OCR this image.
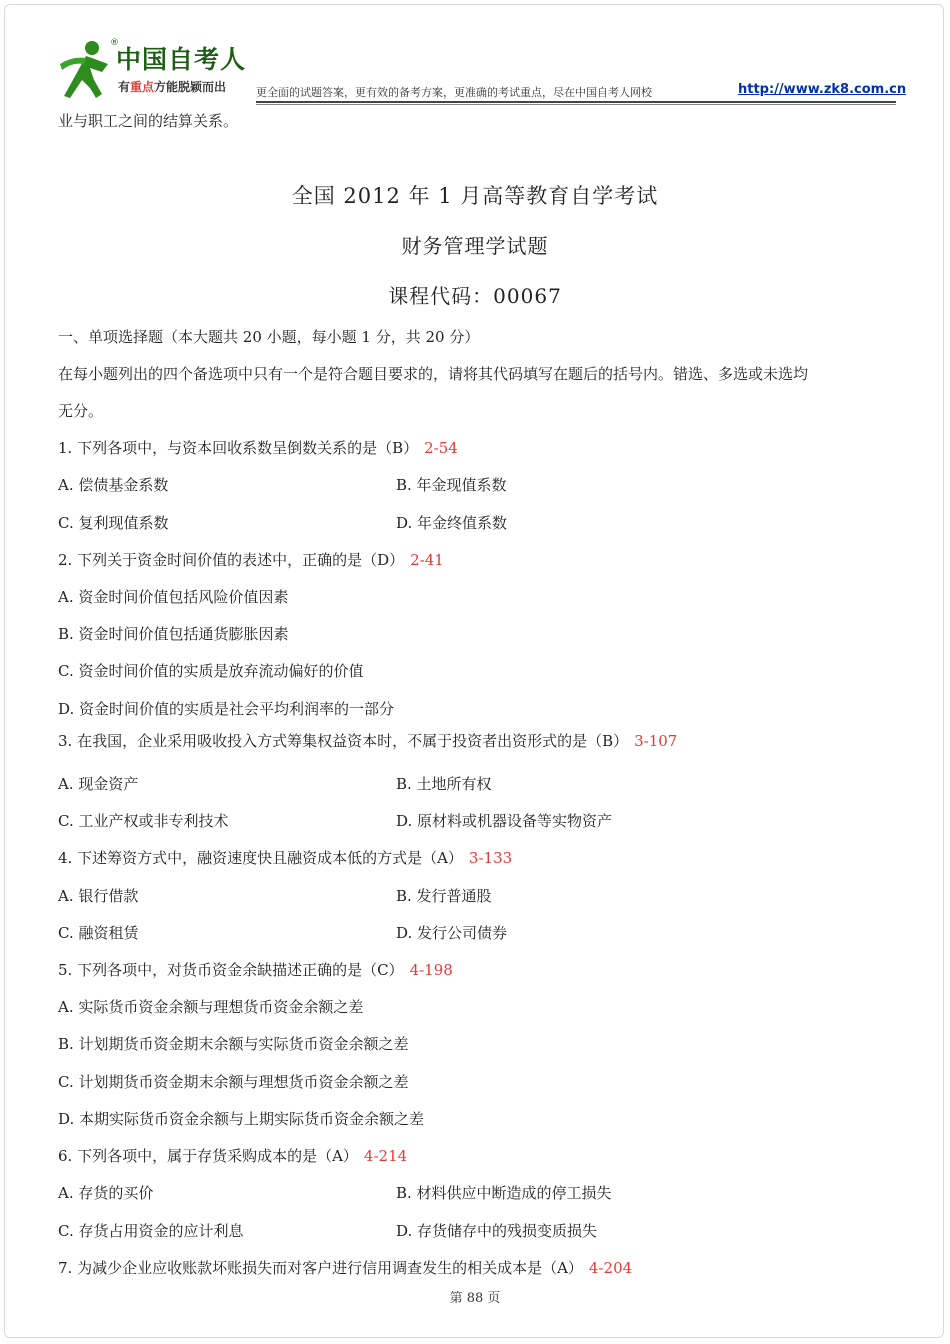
®
中国自考人
有重点方能脱颖而出	更全面的试题答案，更有效的备考方案，更准确的考试重点，尽在中国自考人网校	http://www.zk8.com.cn
业与职工之间的结算关系。
全国 2012 年 1 月高等教育自学考试
财务管理学试题
课程代码：00067
一、单项选择题（本大题共 20 小题，每小题 1 分，共 20 分）
在每小题列出的四个备选项中只有一个是符合题目要求的，请将其代码填写在题后的括号内。错选、多选或未选均
无分。
1. 下列各项中，与资本回收系数呈倒数关系的是（B） 2-54
A. 偿债基金系数	B. 年金现值系数
C. 复利现值系数	D. 年金终值系数
2. 下列关于资金时间价值的表述中，正确的是（D） 2-41
A. 资金时间价值包括风险价值因素
B. 资金时间价值包括通货膨胀因素
C. 资金时间价值的实质是放弃流动偏好的价值
D. 资金时间价值的实质是社会平均利润率的一部分
3. 在我国，企业采用吸收投入方式筹集权益资本时，不属于投资者出资形式的是（B） 3-107
A. 现金资产	B. 土地所有权
C. 工业产权或非专利技术	D. 原材料或机器设备等实物资产
4. 下述筹资方式中，融资速度快且融资成本低的方式是（A） 3-133
A. 银行借款	B. 发行普通股
C. 融资租赁	D. 发行公司债券
5. 下列各项中，对货币资金余缺描述正确的是（C） 4-198
A. 实际货币资金余额与理想货币资金余额之差
B. 计划期货币资金期末余额与实际货币资金余额之差
C. 计划期货币资金期末余额与理想货币资金余额之差
D. 本期实际货币资金余额与上期实际货币资金余额之差
6. 下列各项中，属于存货采购成本的是（A） 4-214
A. 存货的买价	B. 材料供应中断造成的停工损失
C. 存货占用资金的应计利息	D. 存货储存中的残损变质损失
7. 为减少企业应收账款坏账损失而对客户进行信用调查发生的相关成本是（A） 4-204
第 88 页
